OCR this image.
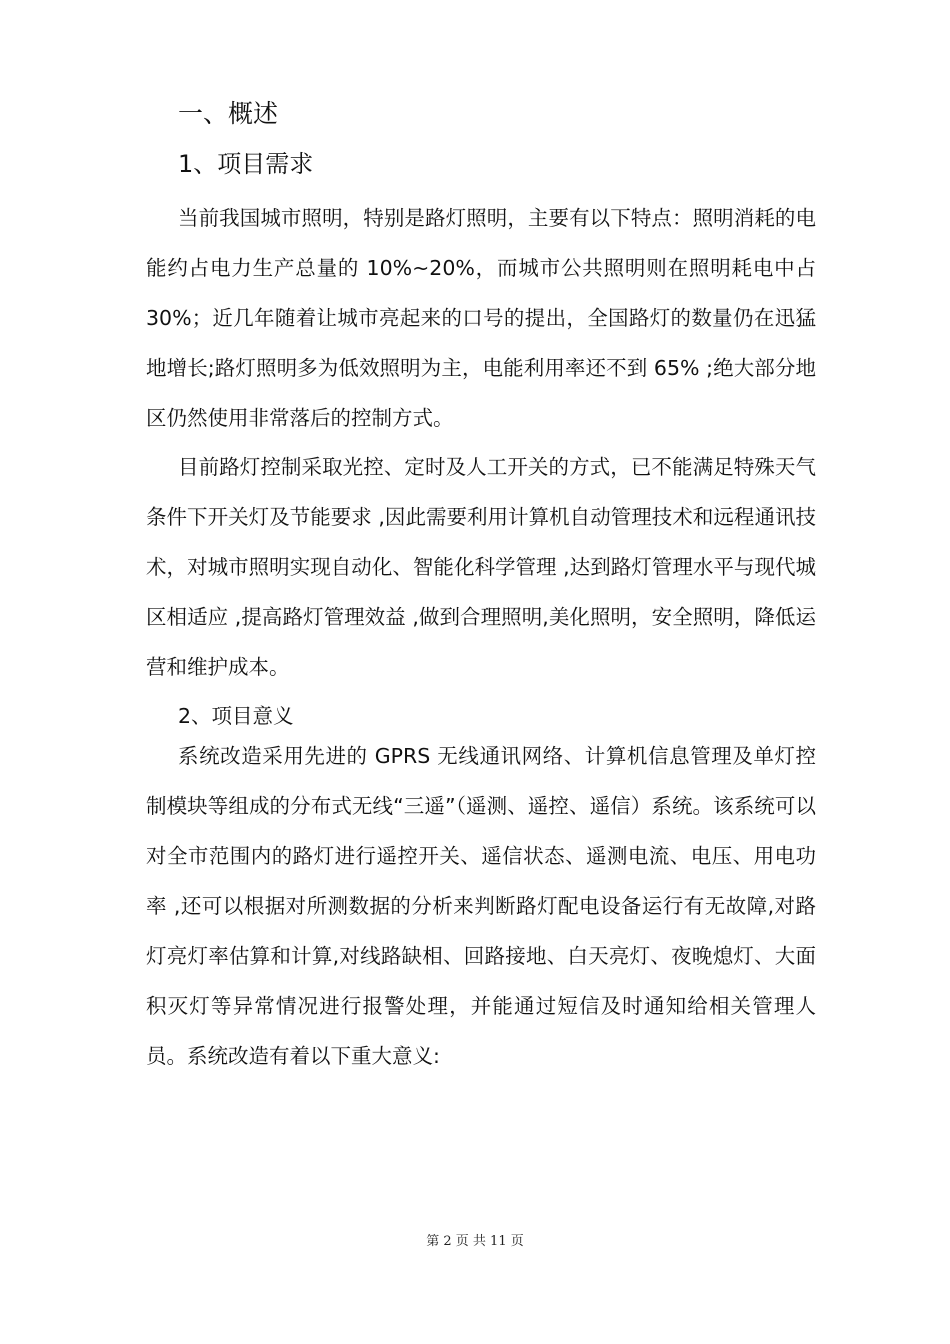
一、概述
1、项目需求

当前我国城市照明，特别是路灯照明，主要有以下特点：照明消耗的电能约占电力生产总量的 10%~20%，而城市公共照明则在照明耗电中占 30%；近几年随着让城市亮起来的口号的提出，全国路灯的数量仍在迅猛地增长;路灯照明多为低效照明为主，电能利用率还不到 65% ;绝大部分地区仍然使用非常落后的控制方式。

目前路灯控制采取光控、定时及人工开关的方式，已不能满足特殊天气条件下开关灯及节能要求 ,因此需要利用计算机自动管理技术和远程通讯技术，对城市照明实现自动化、智能化科学管理 ,达到路灯管理水平与现代城区相适应 ,提高路灯管理效益 ,做到合理照明,美化照明，安全照明，降低运营和维护成本。

2、项目意义

系统改造采用先进的 GPRS 无线通讯网络、计算机信息管理及单灯控制模块等组成的分布式无线“三遥”（遥测、遥控、遥信）系统。该系统可以对全市范围内的路灯进行遥控开关、遥信状态、遥测电流、电压、用电功率 ,还可以根据对所测数据的分析来判断路灯配电设备运行有无故障,对路灯亮灯率估算和计算,对线路缺相、回路接地、白天亮灯、夜晚熄灯、大面积灭灯等异常情况进行报警处理，并能通过短信及时通知给相关管理人员。系统改造有着以下重大意义:

第 2 页 共 11 页
